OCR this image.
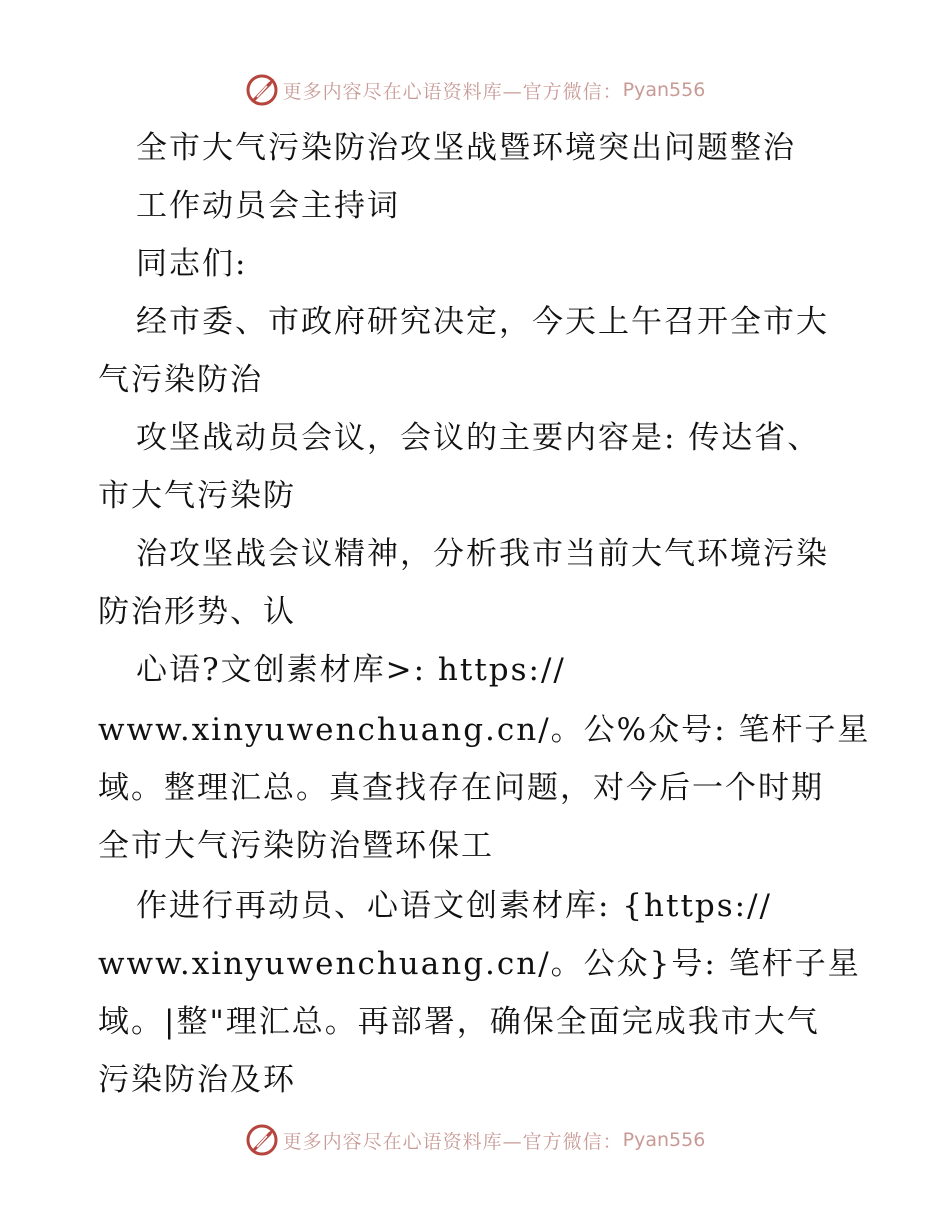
更多内容尽在心语资料库—官方微信： Pyan556
全市大气污染防治攻坚战暨环境突出问题整治
工作动员会主持词
同志们:
经市委、市政府研究决定，今天上午召开全市大
气污染防治
攻坚战动员会议，会议的主要内容是: 传达省、
市大气污染防
治攻坚战会议精神，分析我市当前大气环境污染
防治形势、认
心语?文创素材库>: https://
www.xinyuwenchuang.cn/。公%众号: 笔杆子星
域。整理汇总。真查找存在问题，对今后一个时期
全市大气污染防治暨环保工
作进行再动员、心语文创素材库: {https://
www.xinyuwenchuang.cn/。公众}号: 笔杆子星
域。|整"理汇总。再部署，确保全面完成我市大气
污染防治及环
更多内容尽在心语资料库—官方微信： Pyan556
